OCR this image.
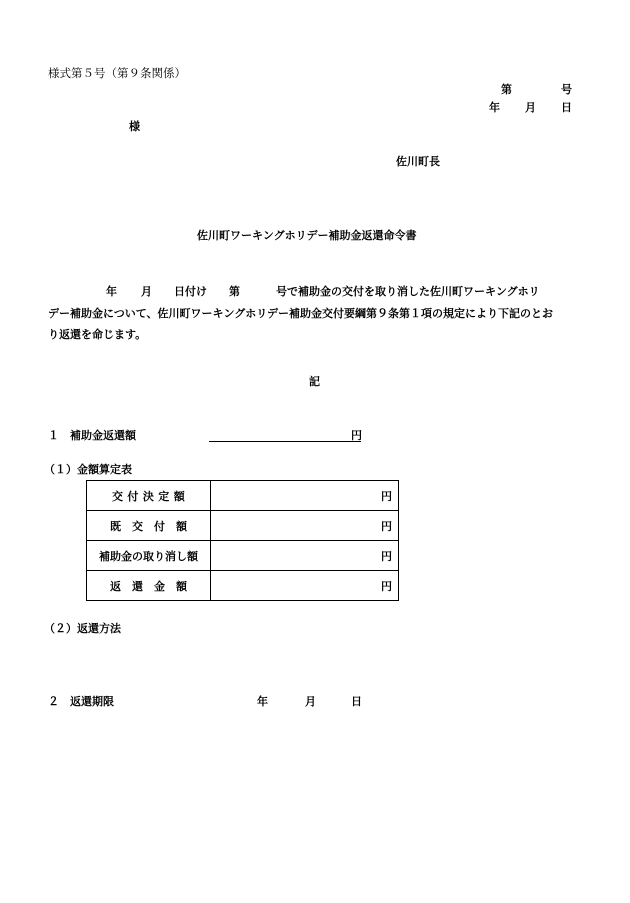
様式第５号（第９条関係）
第	号
年 月 日
様
佐川町長
佐川町ワーキングホリデー補助金返還命令書
年 月 日付け 第	号で補助金の交付を取り消した佐川町ワーキングホリ
デー補助金について、佐川町ワーキングホリデー補助金交付要綱第９条第１項の規定により下記のとお
り返還を命じます。
記
１　補助金返還額	円
（１）金額算定表
交 付 決 定 額	円
既　交　付　額	円
補助金の取り消し額	円
返　還　金　額	円
（２）返還方法
２　返還期限	年	月	日
